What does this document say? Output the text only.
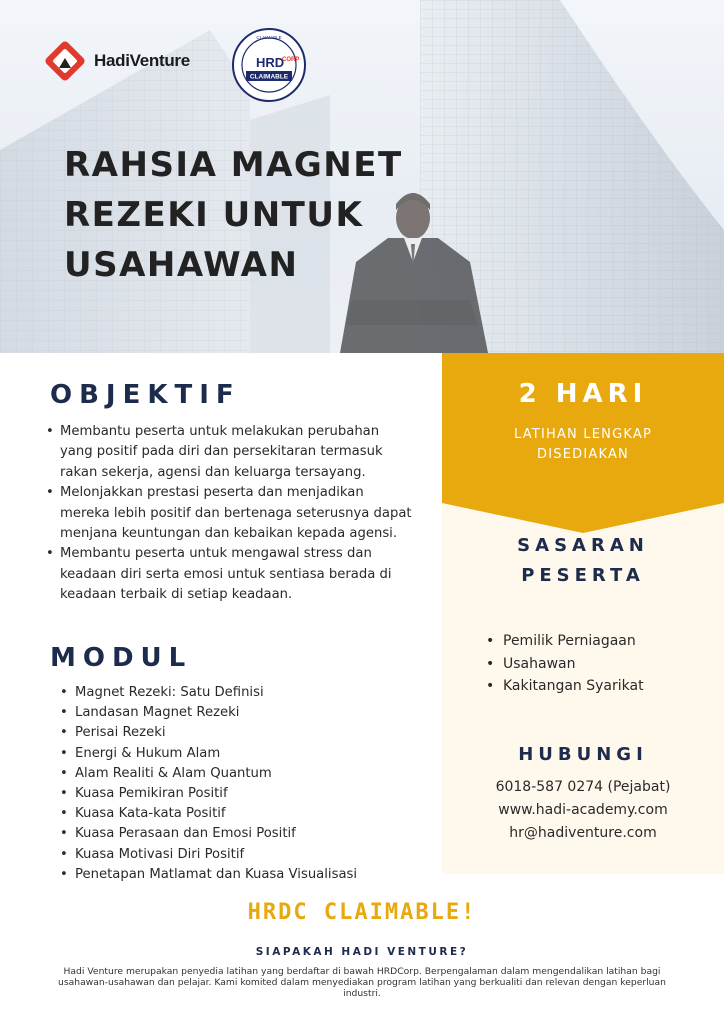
HadiVenture	HRD
CORP
CLAIMABLE
CLAIMABLE
RAHSIA MAGNET
REZEKI UNTUK
USAHAWAN
OBJEKTIF
• Membantu peserta untuk melakukan perubahan yang positif pada diri dan persekitaran termasuk rakan sekerja, agensi dan keluarga tersayang.
• Melonjakkan prestasi peserta dan menjadikan mereka lebih positif dan bertenaga seterusnya dapat menjana keuntungan dan kebaikan kepada agensi.
• Membantu peserta untuk mengawal stress dan keadaan diri serta emosi untuk sentiasa berada di keadaan terbaik di setiap keadaan.
MODUL
• Magnet Rezeki: Satu Definisi
• Landasan Magnet Rezeki
• Perisai Rezeki
• Energi & Hukum Alam
• Alam Realiti & Alam Quantum
• Kuasa Pemikiran Positif
• Kuasa Kata-kata Positif
• Kuasa Perasaan dan Emosi Positif
• Kuasa Motivasi Diri Positif
• Penetapan Matlamat dan Kuasa Visualisasi
2 HARI
LATIHAN LENGKAP DISEDIAKAN
SASARAN
PESERTA
• Pemilik Perniagaan
• Usahawan
• Kakitangan Syarikat
HUBUNGI
6018-587 0274 (Pejabat)
www.hadi-academy.com
hr@hadiventure.com
HRDC CLAIMABLE!
SIAPAKAH HADI VENTURE?
Hadi Venture merupakan penyedia latihan yang berdaftar di bawah HRDCorp. Berpengalaman dalam mengendalikan latihan bagi usahawan-usahawan dan pelajar. Kami komited dalam menyediakan program latihan yang berkualiti dan relevan dengan keperluan industri.
